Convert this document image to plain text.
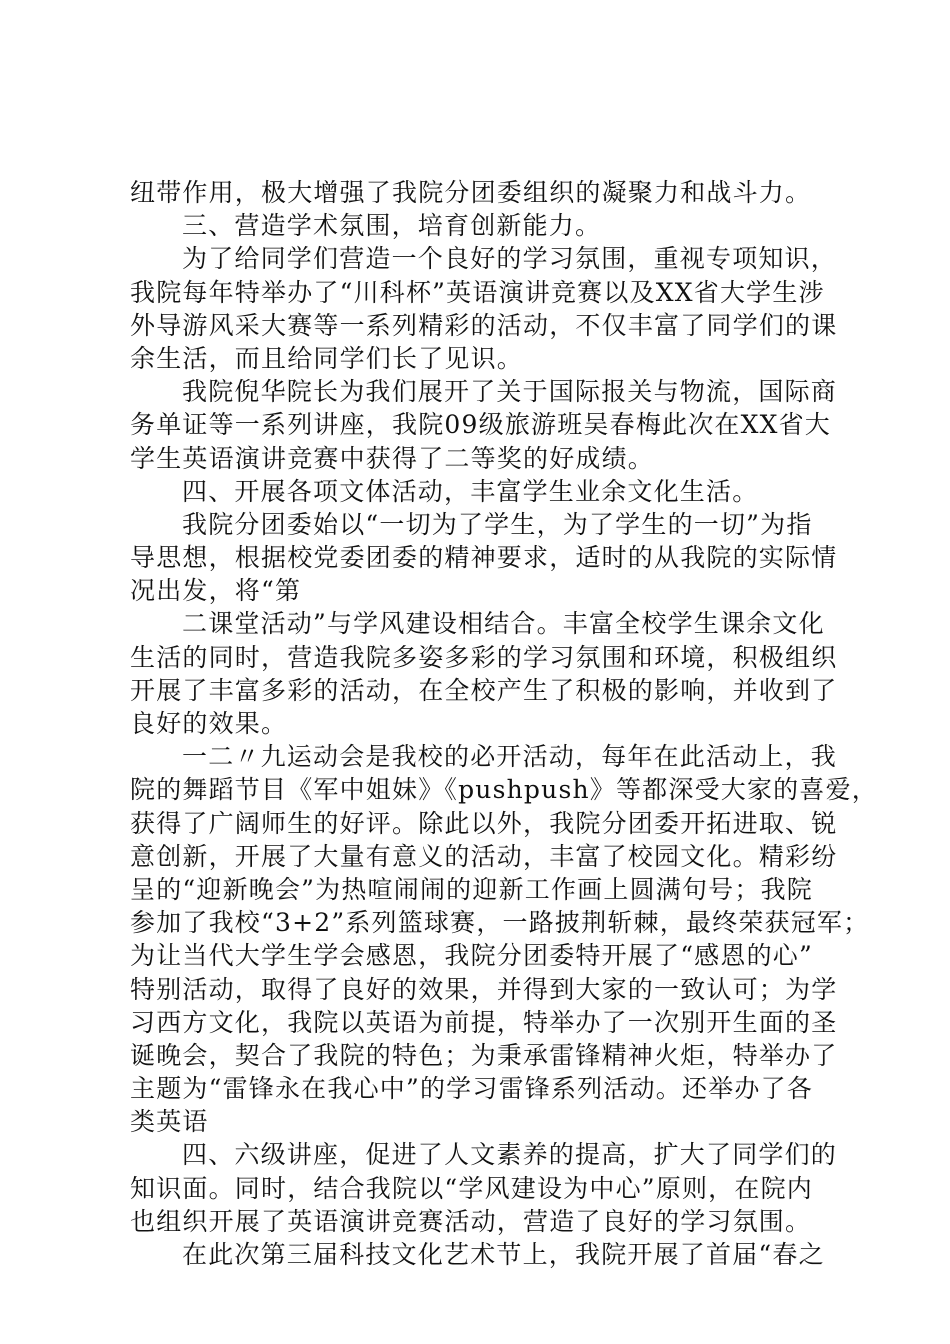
纽带作用，极大增强了我院分团委组织的凝聚力和战斗力。
三、营造学术氛围，培育创新能力。
为了给同学们营造一个良好的学习氛围，重视专项知识，
我院每年特举办了“川科杯”英语演讲竞赛以及XX省大学生涉
外导游风采大赛等一系列精彩的活动，不仅丰富了同学们的课
余生活，而且给同学们长了见识。
我院倪华院长为我们展开了关于国际报关与物流，国际商
务单证等一系列讲座，我院09级旅游班吴春梅此次在XX省大
学生英语演讲竞赛中获得了二等奖的好成绩。
四、开展各项文体活动，丰富学生业余文化生活。
我院分团委始以“一切为了学生，为了学生的一切”为指
导思想，根据校党委团委的精神要求，适时的从我院的实际情
况出发，将“第
二课堂活动”与学风建设相结合。丰富全校学生课余文化
生活的同时，营造我院多姿多彩的学习氛围和环境，积极组织
开展了丰富多彩的活动，在全校产生了积极的影响，并收到了
良好的效果。
一二〃九运动会是我校的必开活动，每年在此活动上，我
院的舞蹈节目《军中姐妹》《pushpush》等都深受大家的喜爱，
获得了广阔师生的好评。除此以外，我院分团委开拓进取、锐
意创新，开展了大量有意义的活动，丰富了校园文化。精彩纷
呈的“迎新晚会”为热喧闹闹的迎新工作画上圆满句号；我院
参加了我校“3+2”系列篮球赛，一路披荆斩棘，最终荣获冠军；
为让当代大学生学会感恩，我院分团委特开展了“感恩的心”
特别活动，取得了良好的效果，并得到大家的一致认可；为学
习西方文化，我院以英语为前提，特举办了一次别开生面的圣
诞晚会，契合了我院的特色；为秉承雷锋精神火炬，特举办了
主题为“雷锋永在我心中”的学习雷锋系列活动。还举办了各
类英语
四、六级讲座，促进了人文素养的提高，扩大了同学们的
知识面。同时，结合我院以“学风建设为中心”原则，在院内
也组织开展了英语演讲竞赛活动，营造了良好的学习氛围。
在此次第三届科技文化艺术节上，我院开展了首届“春之
